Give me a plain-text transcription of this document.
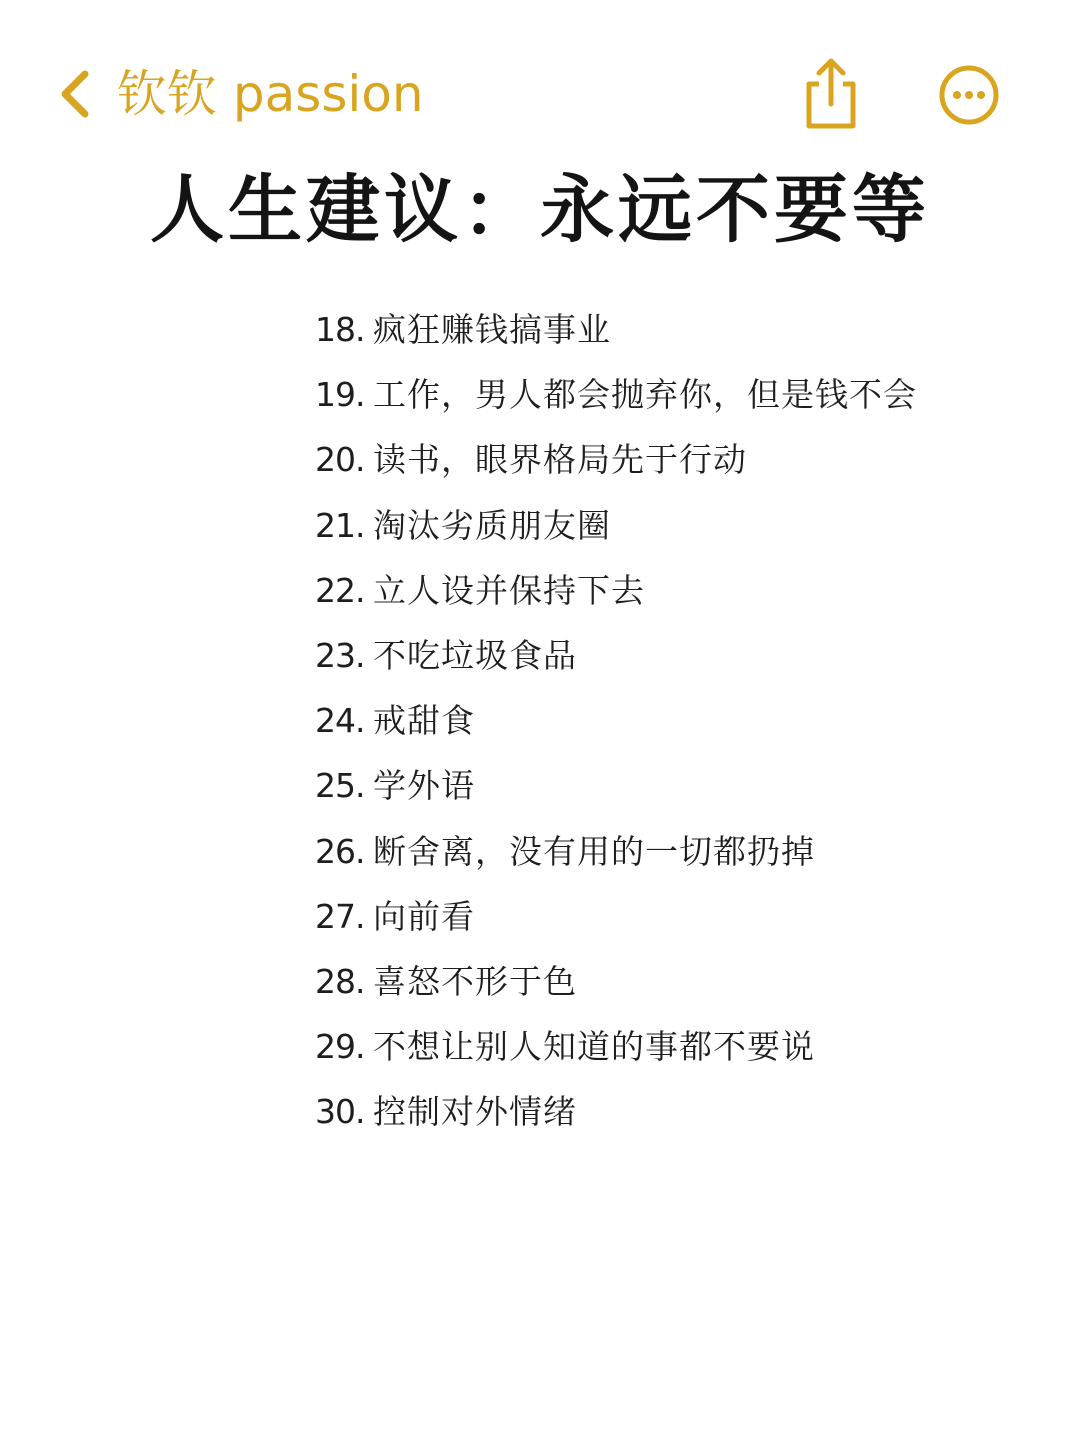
钦钦 passion
人生建议：永远不要等
18. 疯狂赚钱搞事业
19. 工作，男人都会抛弃你，但是钱不会
20. 读书，眼界格局先于行动
21. 淘汰劣质朋友圈
22. 立人设并保持下去
23. 不吃垃圾食品
24. 戒甜食
25. 学外语
26. 断舍离，没有用的一切都扔掉
27. 向前看
28. 喜怒不形于色
29. 不想让别人知道的事都不要说
30. 控制对外情绪
